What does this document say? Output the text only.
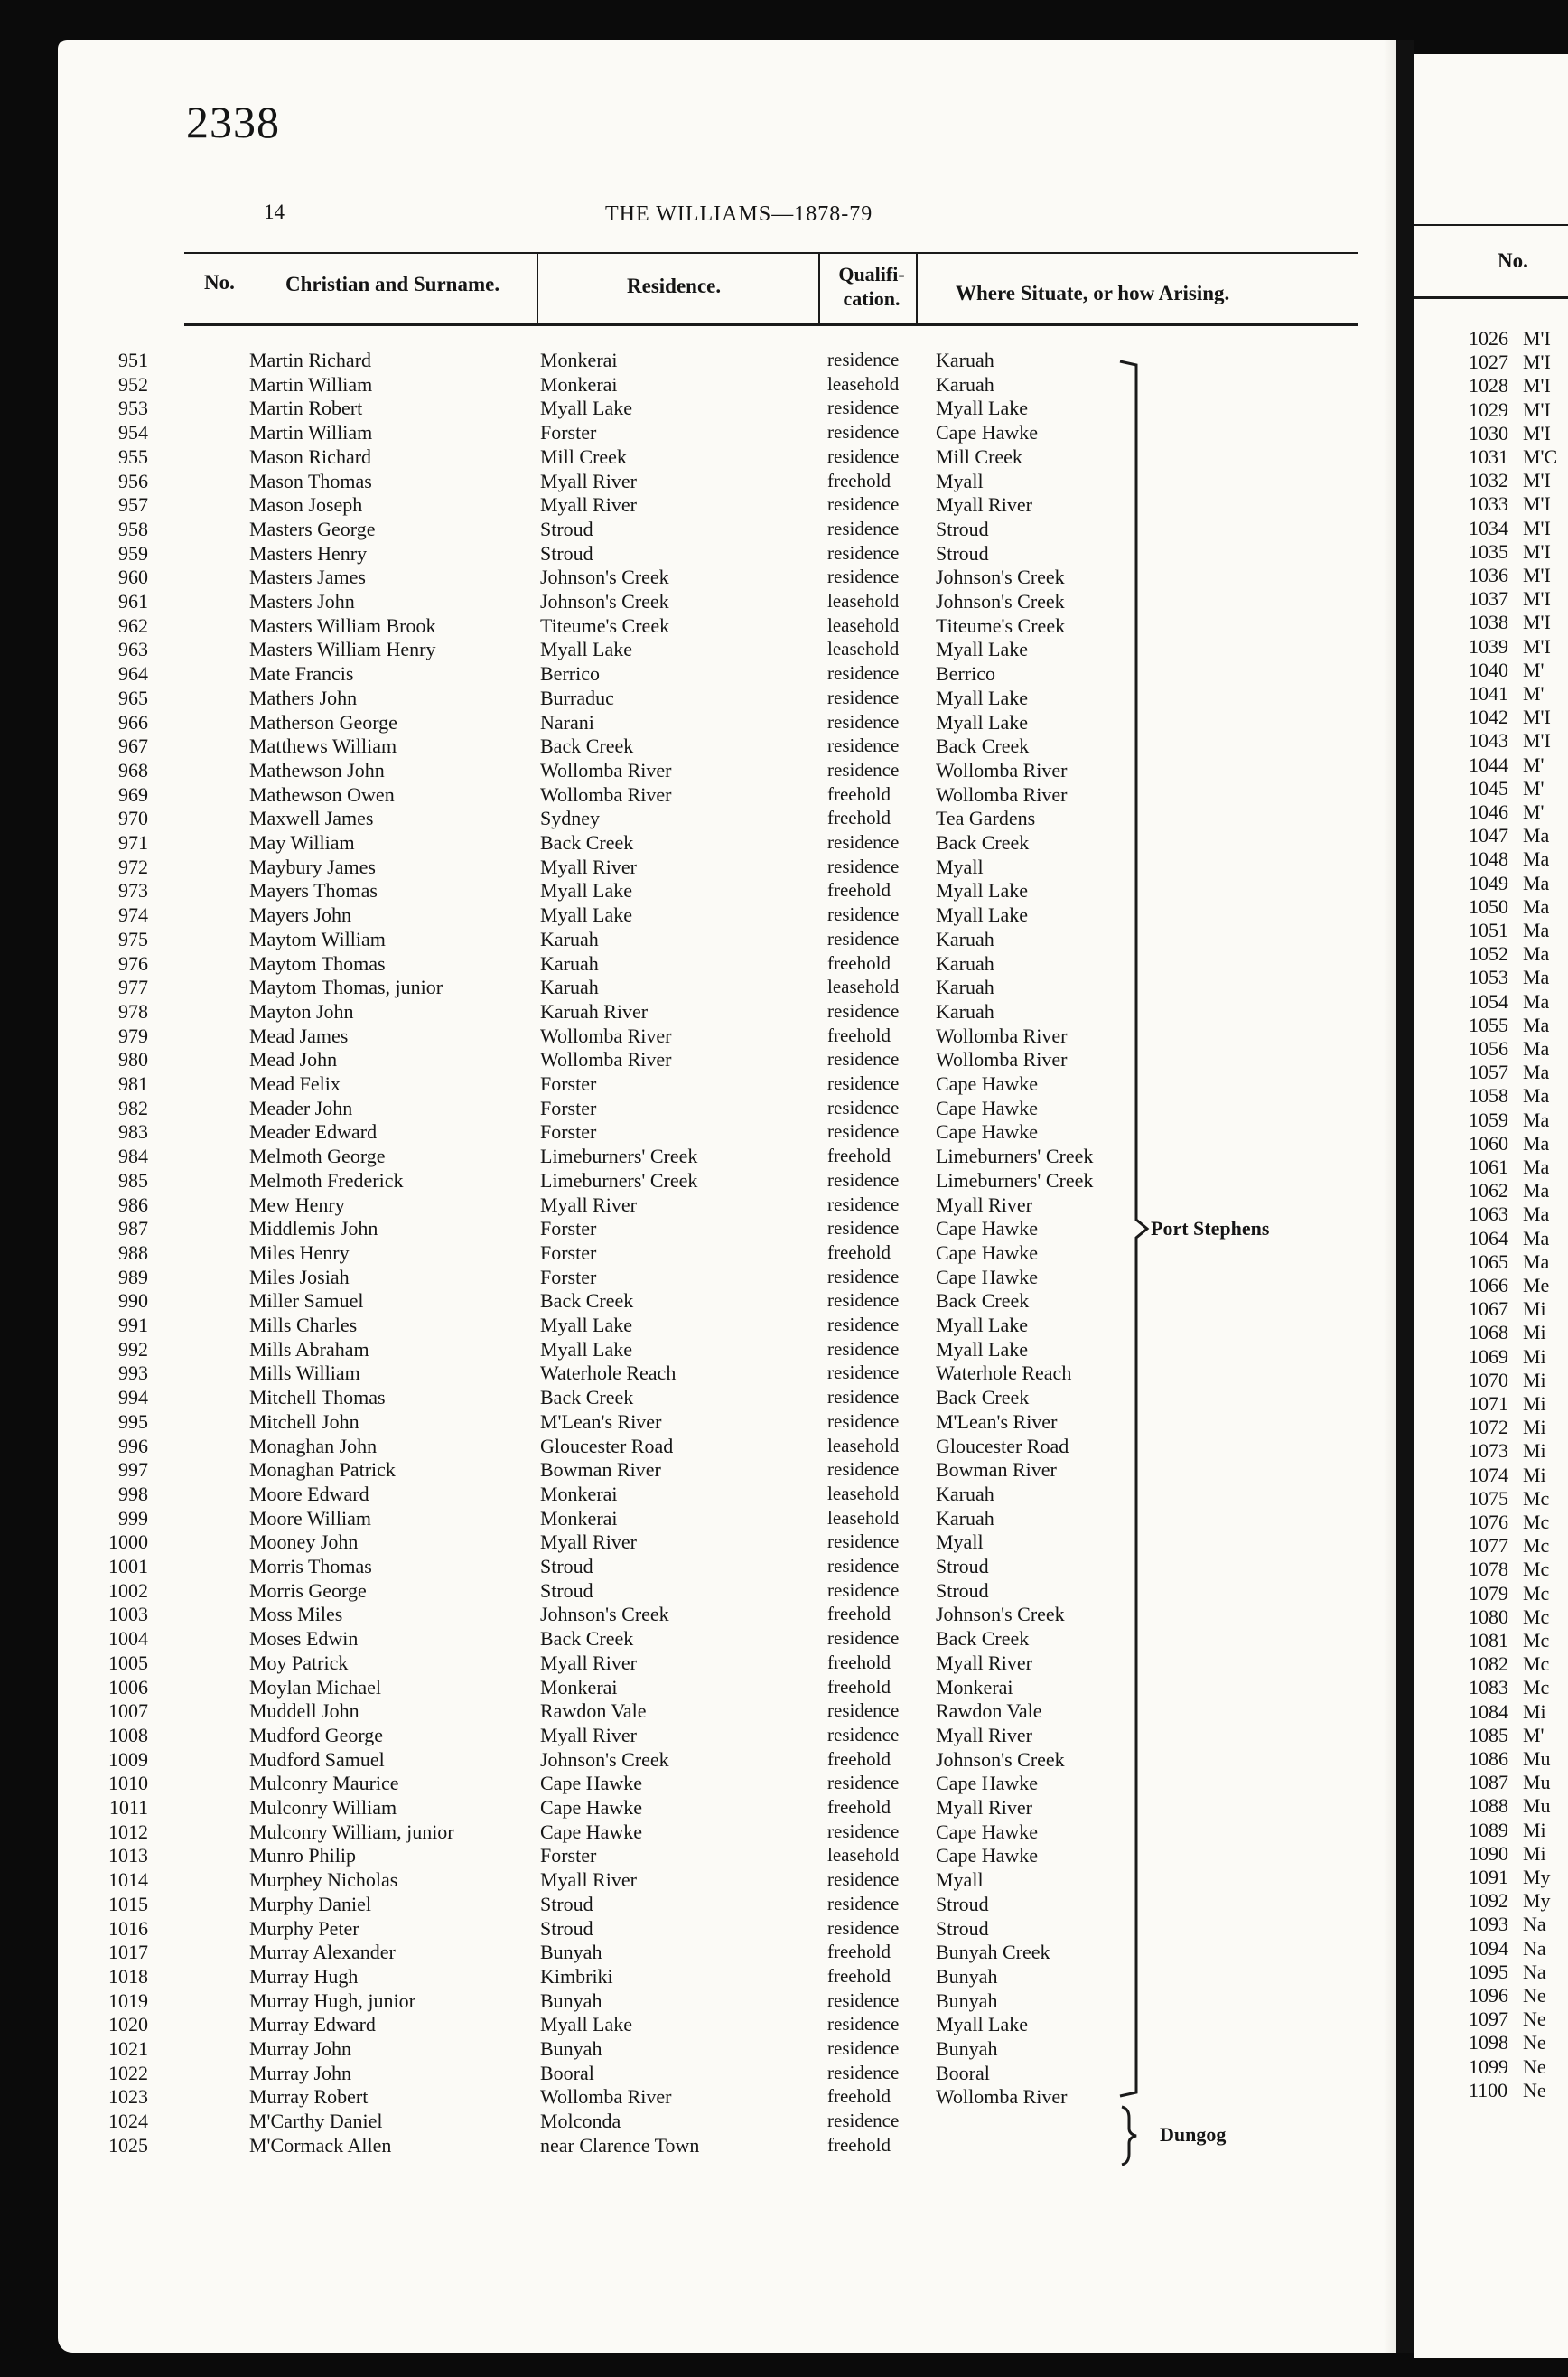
2338
14	THE WILLIAMS—1878-79
No. Christian and Surname.	Residence.
Qualifi-
cation.	Where Situate, or how Arising.
951	Martin Richard	Monkerai	residence Karuah
952	Martin William	Monkerai	leasehold Karuah
953	Martin Robert	Myall Lake	residence Myall Lake
954	Martin William	Forster	residence Cape Hawke
955	Mason Richard	Mill Creek	residence Mill Creek
956	Mason Thomas	Myall River	freehold Myall
957	Mason Joseph	Myall River	residence Myall River
958	Masters George	Stroud	residence Stroud
959	Masters Henry	Stroud	residence Stroud
960	Masters James	Johnson's Creek	residence Johnson's Creek
961	Masters John	Johnson's Creek	leasehold Johnson's Creek
962	Masters William Brook	Titeume's Creek	leasehold Titeume's Creek
963	Masters William Henry	Myall Lake	leasehold Myall Lake
964	Mate Francis	Berrico	residence Berrico
965	Mathers John	Burraduc	residence Myall Lake
966	Matherson George	Narani	residence Myall Lake
967	Matthews William	Back Creek	residence Back Creek
968	Mathewson John	Wollomba River	residence Wollomba River
969	Mathewson Owen	Wollomba River	freehold Wollomba River
970	Maxwell James	Sydney	freehold Tea Gardens
971	May William	Back Creek	residence Back Creek
972	Maybury James	Myall River	residence Myall
973	Mayers Thomas	Myall Lake	freehold Myall Lake
974	Mayers John	Myall Lake	residence Myall Lake
975	Maytom William	Karuah	residence Karuah
976	Maytom Thomas	Karuah	freehold Karuah
977	Maytom Thomas, junior	Karuah	leasehold Karuah
978	Mayton John	Karuah River	residence Karuah
979	Mead James	Wollomba River	freehold Wollomba River
980	Mead John	Wollomba River	residence Wollomba River
981	Mead Felix	Forster	residence Cape Hawke
982	Meader John	Forster	residence Cape Hawke
983	Meader Edward	Forster	residence Cape Hawke
984	Melmoth George	Limeburners' Creek	freehold Limeburners' Creek
985	Melmoth Frederick	Limeburners' Creek	residence Limeburners' Creek
986	Mew Henry	Myall River	residence Myall River
987	Middlemis John	Forster	residence Cape Hawke
988	Miles Henry	Forster	freehold Cape Hawke
989	Miles Josiah	Forster	residence Cape Hawke
990	Miller Samuel	Back Creek	residence Back Creek
991	Mills Charles	Myall Lake	residence Myall Lake
992	Mills Abraham	Myall Lake	residence Myall Lake
993	Mills William	Waterhole Reach	residence Waterhole Reach
994	Mitchell Thomas	Back Creek	residence Back Creek
995	Mitchell John	M'Lean's River	residence M'Lean's River
996	Monaghan John	Gloucester Road	leasehold Gloucester Road
997	Monaghan Patrick	Bowman River	residence Bowman River
998	Moore Edward	Monkerai	leasehold Karuah
999	Moore William	Monkerai	leasehold Karuah
1000	Mooney John	Myall River	residence Myall
1001	Morris Thomas	Stroud	residence Stroud
1002	Morris George	Stroud	residence Stroud
1003	Moss Miles	Johnson's Creek	freehold Johnson's Creek
1004	Moses Edwin	Back Creek	residence Back Creek
1005	Moy Patrick	Myall River	freehold Myall River
1006	Moylan Michael	Monkerai	freehold Monkerai
1007	Muddell John	Rawdon Vale	residence Rawdon Vale
1008	Mudford George	Myall River	residence Myall River
1009	Mudford Samuel	Johnson's Creek	freehold Johnson's Creek
1010	Mulconry Maurice	Cape Hawke	residence Cape Hawke
1011	Mulconry William	Cape Hawke	freehold Myall River
1012	Mulconry William, junior	Cape Hawke	residence Cape Hawke
1013	Munro Philip	Forster	leasehold Cape Hawke
1014	Murphey Nicholas	Myall River	residence Myall
1015	Murphy Daniel	Stroud	residence Stroud
1016	Murphy Peter	Stroud	residence Stroud
1017	Murray Alexander	Bunyah	freehold Bunyah Creek
1018	Murray Hugh	Kimbriki	freehold Bunyah
1019	Murray Hugh, junior	Bunyah	residence Bunyah
1020	Murray Edward	Myall Lake	residence Myall Lake
1021	Murray John	Bunyah	residence Bunyah
1022	Murray John	Booral	residence Booral
1023	Murray Robert	Wollomba River	freehold Wollomba River
1024	M'Carthy Daniel	Molconda	residence
1025	M'Cormack Allen	near Clarence Town	freehold
Port Stephens
Dungog
No.
1026 M'I
1027 M'I
1028 M'I
1029 M'I
1030 M'I
1031 M'C
1032 M'I
1033 M'I
1034 M'I
1035 M'I
1036 M'I
1037 M'I
1038 M'I
1039 M'I
1040 M'
1041 M'
1042 M'I
1043 M'I
1044 M'
1045 M'
1046 M'
1047 Ma
1048 Ma
1049 Ma
1050 Ma
1051 Ma
1052 Ma
1053 Ma
1054 Ma
1055 Ma
1056 Ma
1057 Ma
1058 Ma
1059 Ma
1060 Ma
1061 Ma
1062 Ma
1063 Ma
1064 Ma
1065 Ma
1066 Me
1067 Mi
1068 Mi
1069 Mi
1070 Mi
1071 Mi
1072 Mi
1073 Mi
1074 Mi
1075 Mc
1076 Mc
1077 Mc
1078 Mc
1079 Mc
1080 Mc
1081 Mc
1082 Mc
1083 Mc
1084 Mi
1085 M'
1086 Mu
1087 Mu
1088 Mu
1089 Mi
1090 Mi
1091 My
1092 My
1093 Na
1094 Na
1095 Na
1096 Ne
1097 Ne
1098 Ne
1099 Ne
1100 Ne
